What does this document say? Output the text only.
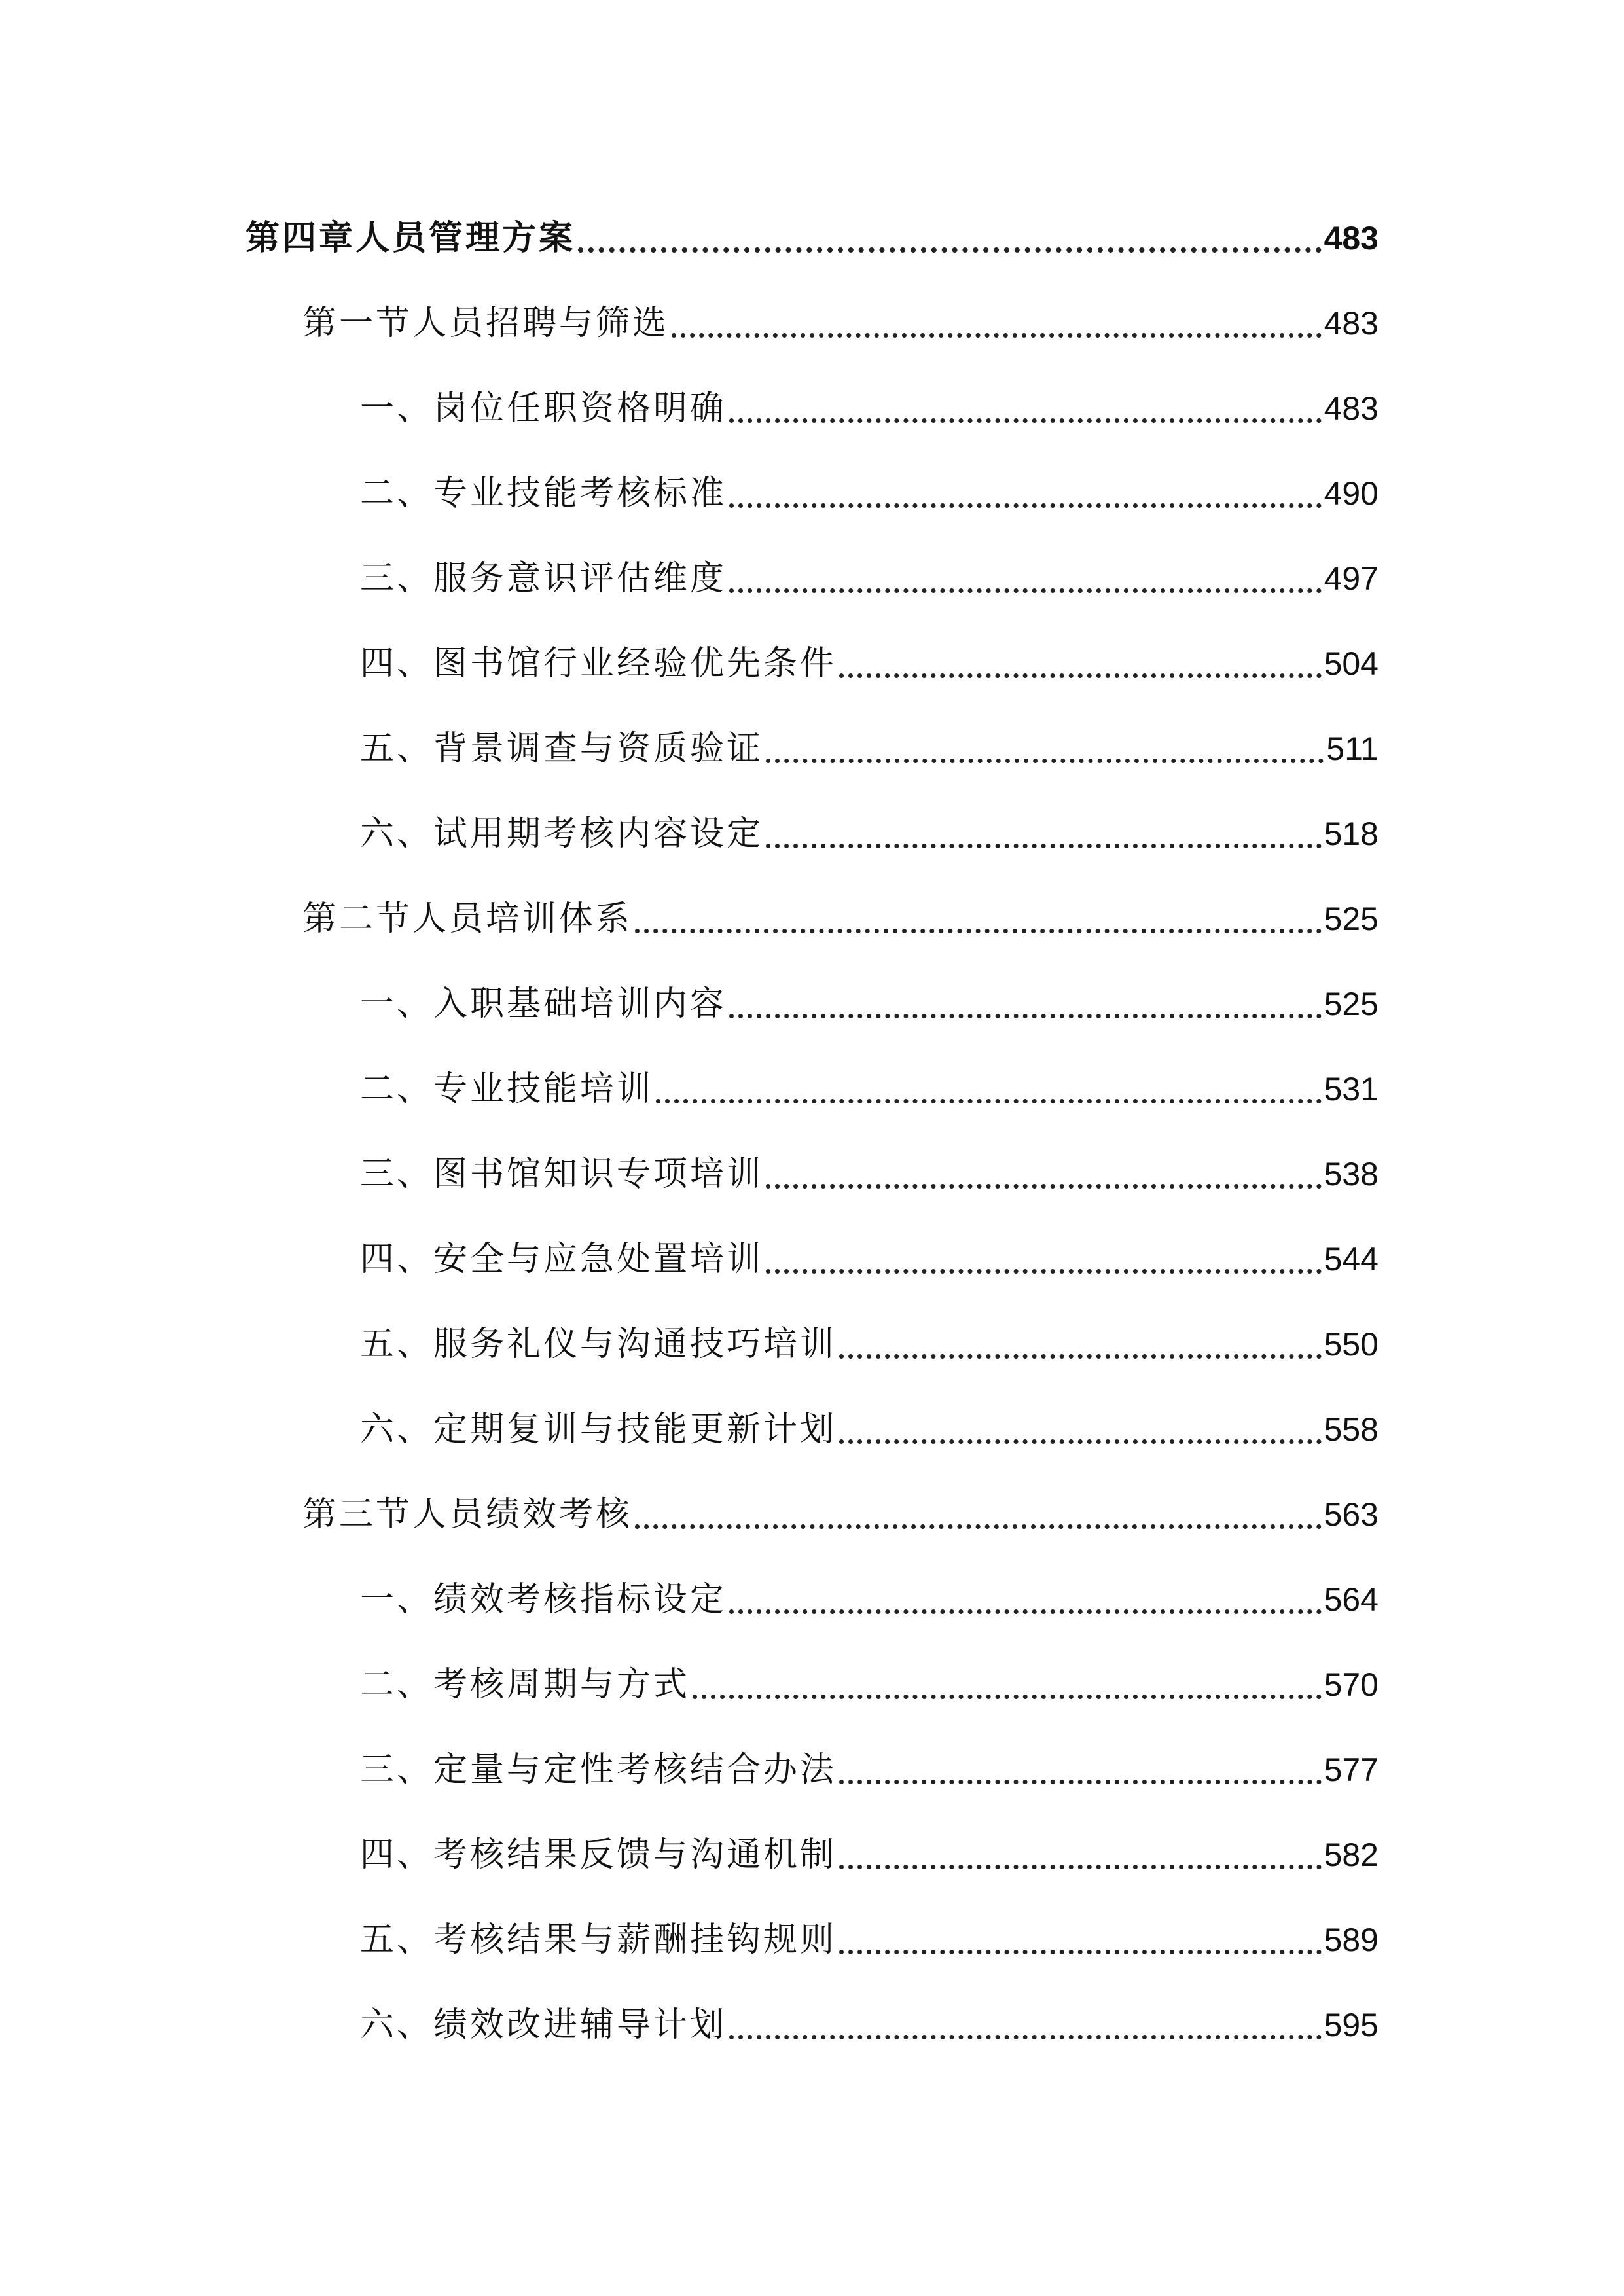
第四章人员管理方案	483
第一节人员招聘与筛选	483
一、岗位任职资格明确	483
二、专业技能考核标准	490
三、服务意识评估维度	497
四、图书馆行业经验优先条件	504
五、背景调查与资质验证	511
六、试用期考核内容设定	518
第二节人员培训体系	525
一、入职基础培训内容	525
二、专业技能培训	531
三、图书馆知识专项培训	538
四、安全与应急处置培训	544
五、服务礼仪与沟通技巧培训	550
六、定期复训与技能更新计划	558
第三节人员绩效考核	563
一、绩效考核指标设定	564
二、考核周期与方式	570
三、定量与定性考核结合办法	577
四、考核结果反馈与沟通机制	582
五、考核结果与薪酬挂钩规则	589
六、绩效改进辅导计划	595
